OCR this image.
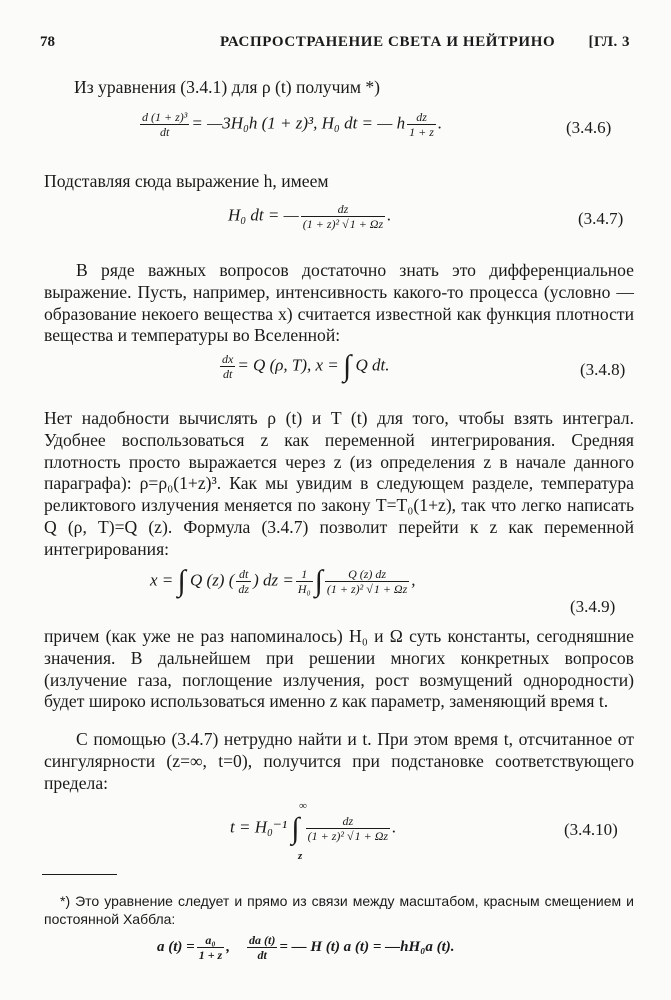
78	РАСПРОСТРАНЕНИЕ СВЕТА И НЕЙТРИНО [ГЛ. 3
Из уравнения (3.4.1) для ρ (t) получим *)
$\frac{\text{d (1 + z)³}}{dt}$ = —3H₀h (1 + z)³, H₀ dt = — h $\frac{dz}{1 + z}$ .	(3.4.6)
Подставляя сюда выражение h, имеем
H₀ dt = — $\frac{dz}{\text{(1 + z)² √1 + Ωz}}$ .	(3.4.7)
В ряде важных вопросов достаточно знать это дифференциальное выражение. Пусть, например, интенсивность какого-то процесса (условно — образование некоего вещества x) считается известной как функция плотности вещества и температуры во Вселенной:
$\frac{dx}{dt} = Q$ (ρ, T), x = ∫ Q dt.	(3.4.8)
Нет надобности вычислять ρ (t) и T (t) для того, чтобы взять интеграл. Удобнее воспользоваться z как переменной интегрирования. Средняя плотность просто выражается через z (из определения z в начале данного параграфа): ρ=ρ₀(1+z)³. Как мы увидим в следующем разделе, температура реликтового излучения меняется по закону T=T₀(1+z), так что легко написать Q (ρ, T)=Q (z). Формула (3.4.7) позволит перейти к z как переменной интегрирования:
x = ∫ Q (z) ( $\frac{dt}{dz}$ ) dz = $\frac{1}{\text{H₀}}$ ∫ $\frac{Q (z) dz}{\text{(1 + z)² √1 + Ωz}}$ ,
(3.4.9)
причем (как уже не раз напоминалось) H₀ и Ω суть константы, сегодняшние значения. В дальнейшем при решении многих конкретных вопросов (излучение газа, поглощение излучения, рост возмущений однородности) будет широко использоваться именно z как параметр, заменяющий время t.
С помощью (3.4.7) нетрудно найти и t. При этом время t, отсчитанное от сингулярности (z=∞, t=0), получится при подстановке соответствующего предела:
t = H₀⁻¹ ∫ $\frac{dz}{\text{(1 + z)² √1 + Ωz}}$ .
∞
z
(3.4.10)
*) Это уравнение следует и прямо из связи между масштабом, красным смещением и постоянной Хаббла:
a $(t) = \frac{\text{a₀}}{1 + z}$ , $\frac{da (t)}{dt}$ = — H (t) a (t) = —hH₀a (t).
